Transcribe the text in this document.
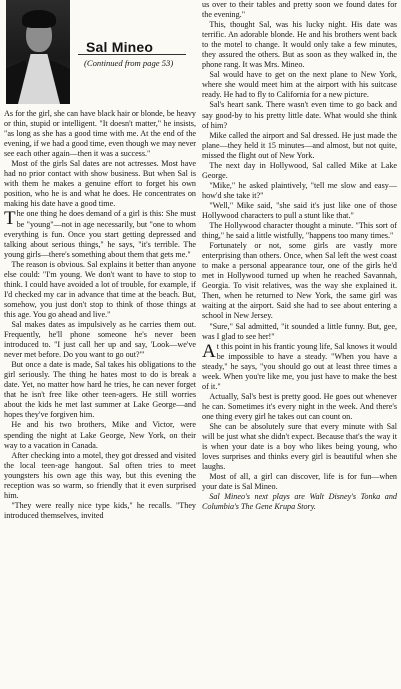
Sal Mineo
(Continued from page 53)

As for the girl, she can have black hair or blonde, be heavy or thin, stupid or intelligent. "It doesn't matter," he insists, "as long as she has a good time with me. At the end of the evening, if we had a good time, even though we may never see each other again—then it was a success."

Most of the girls Sal dates are not actresses. Most have had no prior contact with show business. But when Sal is with them he makes a genuine effort to forget his own position, who he is and what he does. He concentrates on making his date have a good time.

The one thing he does demand of a girl is this: She must be "young"—not in age necessarily, but "one to whom everything is fun. Once you start getting depressed and talking about serious things," he says, "it's terrible. The young girls—there's something about them that gets me."

The reason is obvious. Sal explains it better than anyone else could: "I'm young. We don't want to have to stop to think. I could have avoided a lot of trouble, for example, if I'd checked my car in advance that time at the beach. But, somehow, you just don't stop to think of those things at this age. You go ahead and live."

Sal makes dates as impulsively as he carries them out. Frequently, he'll phone someone he's never been introduced to. "I just call her up and say, 'Look—we've never met before. Do you want to go out?'"

But once a date is made, Sal takes his obligations to the girl seriously. The thing he hates most to do is break a date. Yet, no matter how hard he tries, he can never forget that he isn't free like other teen-agers. He still worries about the kids he met last summer at Lake George—and hopes they've forgiven him.

He and his two brothers, Mike and Victor, were spending the night at Lake George, New York, on their way to a vacation in Canada.

After checking into a motel, they got dressed and visited the local teen-age hangout. Sal often tries to meet youngsters his own age this way, but this evening the reception was so warm, so friendly that it even surprised him.

"They were really nice type kids," he recalls. "They introduced themselves, invited

us over to their tables and pretty soon we found dates for the evening."

This, thought Sal, was his lucky night. His date was terrific. An adorable blonde. He and his brothers went back to the motel to change. It would only take a few minutes, they assured the others. But as soon as they walked in, the phone rang. It was Mrs. Mineo.

Sal would have to get on the next plane to New York, where she would meet him at the airport with his suitcase ready. He had to fly to California for a new picture.

Sal's heart sank. There wasn't even time to go back and say good-by to his pretty little date. What would she think of him?

Mike called the airport and Sal dressed. He just made the plane—they held it 15 minutes—and almost, but not quite, missed the flight out of New York.

The next day in Hollywood, Sal called Mike at Lake George.

"Mike," he asked plaintively, "tell me slow and easy—how'd she take it?"

"Well," Mike said, "she said it's just like one of those Hollywood characters to pull a stunt like that."

The Hollywood character thought a minute. "This sort of thing," he said a little wistfully, "happens too many times."

Fortunately or not, some girls are vastly more enterprising than others. Once, when Sal left the west coast to make a personal appearance tour, one of the girls he'd met in Hollywood turned up when he reached Savannah, Georgia. To visit relatives, was the way she explained it. Then, when he returned to New York, the same girl was waiting at the airport. Said she had to see about entering a school in New Jersey.

"Sure," Sal admitted, "it sounded a little funny. But, gee, was I glad to see her!"

At this point in his frantic young life, Sal knows it would be impossible to have a steady. "When you have a steady," he says, "you should go out at least three times a week. When you're like me, you just have to make the best of it."

Actually, Sal's best is pretty good. He goes out whenever he can. Sometimes it's every night in the week. And there's one thing every girl he takes out can count on.

She can be absolutely sure that every minute with Sal will be just what she didn't expect. Because that's the way it is when your date is a boy who likes being young, who loves surprises and thinks every girl is beautiful when she laughs.

Most of all, a girl can discover, life is for fun—when your date is Sal Mineo.

Sal Mineo's next plays are Walt Disney's Tonka and Columbia's The Gene Krupa Story.
